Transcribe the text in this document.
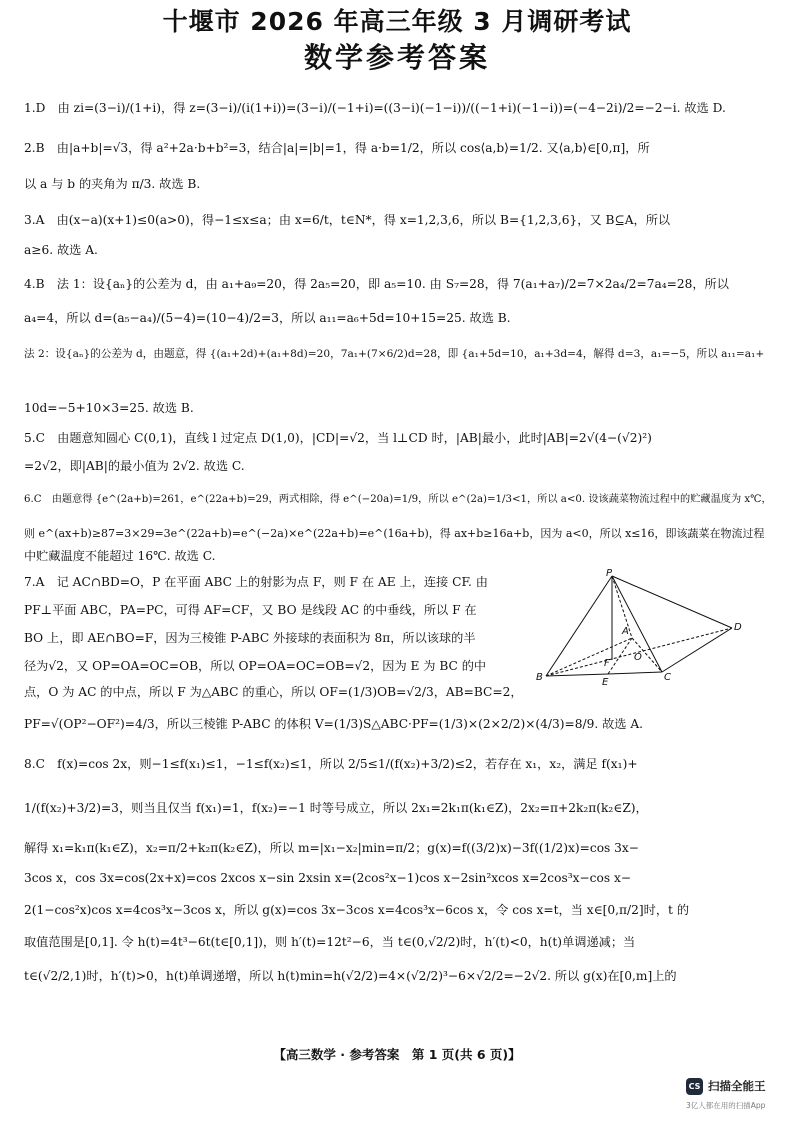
十堰市 2026 年高三年级 3 月调研考试
数学参考答案
1.D　由 zi=(3−i)/(1+i)，得 z=(3−i)/(i(1+i))=(3−i)/(−1+i)=((3−i)(−1−i))/((−1+i)(−1−i))=(−4−2i)/2=−2−i. 故选 D.
2.B　由|a+b|=√3，得 a²+2a·b+b²=3，结合|a|=|b|=1，得 a·b=1/2，所以 cos⟨a,b⟩=1/2. 又⟨a,b⟩∈[0,π]，所
以 a 与 b 的夹角为 π/3. 故选 B.
3.A　由(x−a)(x+1)≤0(a>0)，得−1≤x≤a；由 x=6/t，t∈N*，得 x=1,2,3,6，所以 B={1,2,3,6}，又 B⊆A，所以
a≥6. 故选 A.
4.B　法 1：设{aₙ}的公差为 d，由 a₁+a₉=20，得 2a₅=20，即 a₅=10. 由 S₇=28，得 7(a₁+a₇)/2=7×2a₄/2=7a₄=28，所以
a₄=4，所以 d=(a₅−a₄)/(5−4)=(10−4)/2=3，所以 a₁₁=a₆+5d=10+15=25. 故选 B.
法 2：设{aₙ}的公差为 d，由题意，得 {(a₁+2d)+(a₁+8d)=20，7a₁+(7×6/2)d=28，即 {a₁+5d=10，a₁+3d=4，解得 d=3，a₁=−5，所以 a₁₁=a₁+
10d=−5+10×3=25. 故选 B.
5.C　由题意知圆心 C(0,1)，直线 l 过定点 D(1,0)，|CD|=√2，当 l⊥CD 时，|AB|最小，此时|AB|=2√(4−(√2)²)
=2√2，即|AB|的最小值为 2√2. 故选 C.
6.C　由题意得 {e^(2a+b)=261，e^(22a+b)=29，两式相除，得 e^(−20a)=1/9，所以 e^(2a)=1/3<1，所以 a<0. 设该蔬菜物流过程中的贮藏温度为 x℃，
则 e^(ax+b)≥87=3×29=3e^(22a+b)=e^(−2a)×e^(22a+b)=e^(16a+b)，得 ax+b≥16a+b，因为 a<0，所以 x≤16，即该蔬菜在物流过程
中贮藏温度不能超过 16℃. 故选 C.
7.A　记 AC∩BD=O，P 在平面 ABC 上的射影为点 F，则 F 在 AE 上，连接 CF. 由
PF⊥平面 ABC，PA=PC，可得 AF=CF，又 BO 是线段 AC 的中垂线，所以 F 在
BO 上，即 AE∩BO=F，因为三棱锥 P-ABC 外接球的表面积为 8π，所以该球的半
径为√2，又 OP=OA=OC=OB，所以 OP=OA=OC=OB=√2，因为 E 为 BC 的中
点，O 为 AC 的中点，所以 F 为△ABC 的重心，所以 OF=(1/3)OB=√2/3，AB=BC=2，
PF=√(OP²−OF²)=4/3，所以三棱锥 P-ABC 的体积 V=(1/3)S△ABC·PF=(1/3)×(2×2/2)×(4/3)=8/9. 故选 A.
8.C　f(x)=cos 2x，则−1≤f(x₁)≤1，−1≤f(x₂)≤1，所以 2/5≤1/(f(x₂)+3/2)≤2，若存在 x₁，x₂，满足 f(x₁)+
1/(f(x₂)+3/2)=3，则当且仅当 f(x₁)=1，f(x₂)=−1 时等号成立，所以 2x₁=2k₁π(k₁∈Z)，2x₂=π+2k₂π(k₂∈Z)，
解得 x₁=k₁π(k₁∈Z)，x₂=π/2+k₂π(k₂∈Z)，所以 m=|x₁−x₂|min=π/2；g(x)=f((3/2)x)−3f((1/2)x)=cos 3x−
3cos x，cos 3x=cos(2x+x)=cos 2xcos x−sin 2xsin x=(2cos²x−1)cos x−2sin²xcos x=2cos³x−cos x−
2(1−cos²x)cos x=4cos³x−3cos x，所以 g(x)=cos 3x−3cos x=4cos³x−6cos x，令 cos x=t，当 x∈[0,π/2]时，t 的
取值范围是[0,1]. 令 h(t)=4t³−6t(t∈[0,1])，则 h′(t)=12t²−6，当 t∈(0,√2/2)时，h′(t)<0，h(t)单调递减；当
t∈(√2/2,1)时，h′(t)>0，h(t)单调递增，所以 h(t)min=h(√2/2)=4×(√2/2)³−6×√2/2=−2√2. 所以 g(x)在[0,m]上的
P
D
B	E	C
O
F
A
【高三数学 · 参考答案　第 1 页(共 6 页)】
CS 扫描全能王
3亿人都在用的扫描App
